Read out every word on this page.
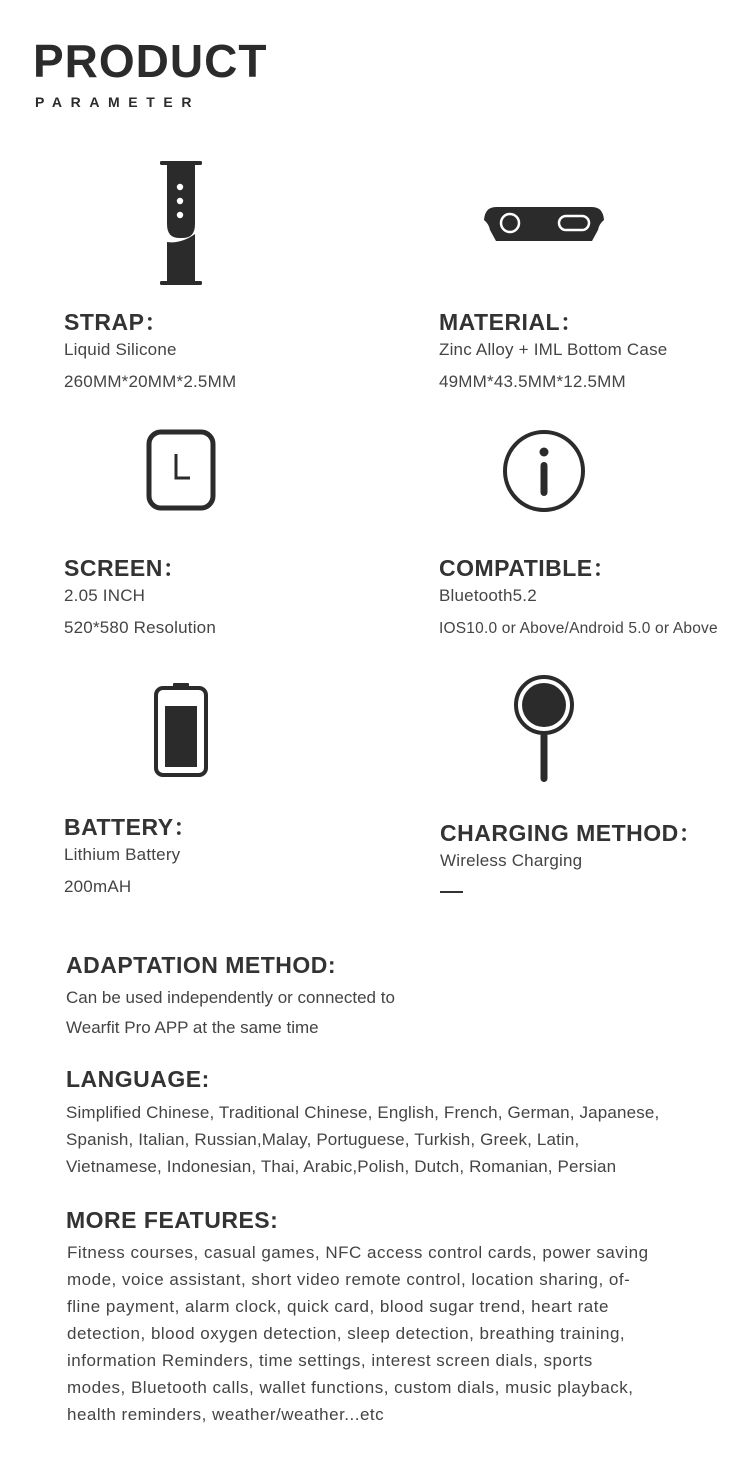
PRODUCT
PARAMETER
STRAP：
Liquid Silicone
260MM*20MM*2.5MM
MATERIAL：
Zinc Alloy + IML Bottom Case
49MM*43.5MM*12.5MM
SCREEN：
2.05 INCH
520*580 Resolution
COMPATIBLE：
Bluetooth5.2
IOS10.0 or Above/Android 5.0 or Above
BATTERY：
Lithium Battery
200mAH
CHARGING METHOD：
Wireless Charging
ADAPTATION METHOD:
Can be used independently or connected to
Wearfit Pro APP at the same time
LANGUAGE:
Simplified Chinese, Traditional Chinese, English, French, German, Japanese,
Spanish, Italian, Russian,Malay, Portuguese, Turkish, Greek, Latin,
Vietnamese, Indonesian, Thai, Arabic,Polish, Dutch, Romanian, Persian
MORE FEATURES:
Fitness courses, casual games, NFC access control cards, power saving
mode, voice assistant, short video remote control, location sharing, of-
fline payment, alarm clock, quick card, blood sugar trend, heart rate
detection, blood oxygen detection, sleep detection, breathing training,
information Reminders, time settings, interest screen dials, sports
modes, Bluetooth calls, wallet functions, custom dials, music playback,
health reminders, weather/weather...etc
